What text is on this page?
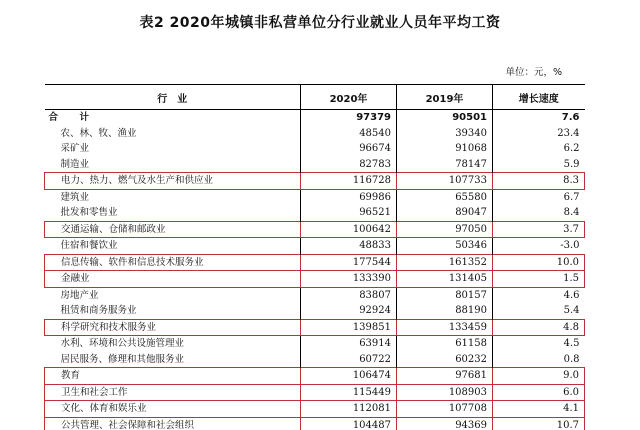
表2 2020年城镇非私营单位分行业就业人员年平均工资
单位：元，%
行　业	2020年	2019年	增长速度
合　计	97379	90501	7.6
农、林、牧、渔业	48540	39340	23.4
采矿业	96674	91068	6.2
制造业	82783	78147	5.9
电力、热力、燃气及水生产和供应业	116728	107733	8.3
建筑业	69986	65580	6.7
批发和零售业	96521	89047	8.4
交通运输、仓储和邮政业	100642	97050	3.7
住宿和餐饮业	48833	50346	-3.0
信息传输、软件和信息技术服务业	177544	161352	10.0
金融业	133390	131405	1.5
房地产业	83807	80157	4.6
租赁和商务服务业	92924	88190	5.4
科学研究和技术服务业	139851	133459	4.8
水利、环境和公共设施管理业	63914	61158	4.5
居民服务、修理和其他服务业	60722	60232	0.8
教育	106474	97681	9.0
卫生和社会工作	115449	108903	6.0
文化、体育和娱乐业	112081	107708	4.1
公共管理、社会保障和社会组织	104487	94369	10.7
